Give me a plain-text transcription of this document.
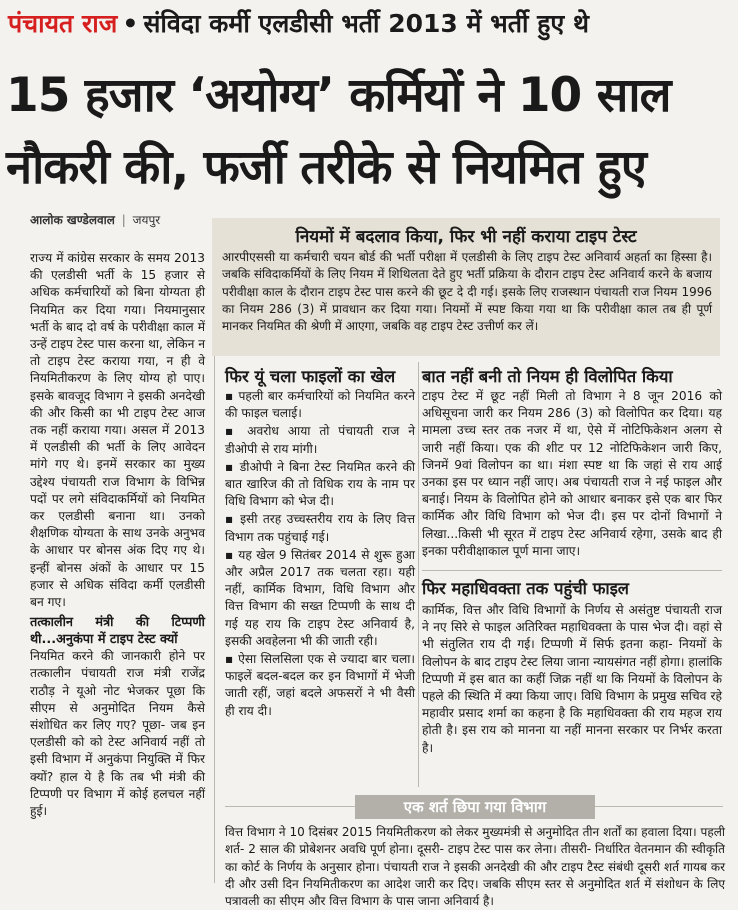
पंचायत राज • संविदा कर्मी एलडीसी भर्ती 2013 में भर्ती हुए थे
15 हजार ‘अयोग्य’ कर्मियों ने 10 साल
नौकरी की, फर्जी तरीके से नियमित हुए
आलोक खण्डेलवाल | जयपुर

राज्य में कांग्रेस सरकार के समय 2013 की एलडीसी भर्ती के 15 हजार से अधिक कर्मचारियों को बिना योग्यता ही नियमित कर दिया गया। नियमानुसार भर्ती के बाद दो वर्ष के परीवीक्षा काल में उन्हें टाइप टेस्ट पास करना था, लेकिन न तो टाइप टेस्ट कराया गया, न ही वे नियमितीकरण के लिए योग्य हो पाए। इसके बावजूद विभाग ने इसकी अनदेखी की और किसी का भी टाइप टेस्ट आज तक नहीं कराया गया। असल में 2013 में एलडीसी की भर्ती के लिए आवेदन मांगे गए थे। इनमें सरकार का मुख्य उद्देश्य पंचायती राज विभाग के विभिन्न पदों पर लगे संविदाकर्मियों को नियमित कर एलडीसी बनाना था। उनको शैक्षणिक योग्यता के साथ उनके अनुभव के आधार पर बोनस अंक दिए गए थे। इन्हीं बोनस अंकों के आधार पर 15 हजार से अधिक संविदा कर्मी एलडीसी बन गए।

तत्कालीन मंत्री की टिप्पणी थी...अनुकंपा में टाइप टेस्ट क्यों

नियमित करने की जानकारी होने पर तत्कालीन पंचायती राज मंत्री राजेंद्र राठौड़ ने यूओ नोट भेजकर पूछा कि सीएम से अनुमोदित नियम कैसे संशोधित कर लिए गए? पूछा- जब इन एलडीसी को को टेस्ट अनिवार्य नहीं तो इसी विभाग में अनुकंपा नियुक्ति में फिर क्यों? हाल ये है कि तब भी मंत्री की टिप्पणी पर विभाग में कोई हलचल नहीं हुई।

नियमों में बदलाव किया, फिर भी नहीं कराया टाइप टेस्ट
आरपीएससी या कर्मचारी चयन बोर्ड की भर्ती परीक्षा में एलडीसी के लिए टाइप टेस्ट अनिवार्य अहर्ता का हिस्सा है। जबकि संविदाकर्मियों के लिए नियम में शिथिलता देते हुए भर्ती प्रक्रिया के दौरान टाइप टेस्ट अनिवार्य करने के बजाय परीवीक्षा काल के दौरान टाइप टेस्ट पास करने की छूट दे दी गई। इसके लिए राजस्थान पंचायती राज नियम 1996 का नियम 286 (3) में प्रावधान कर दिया गया। नियमों में स्पष्ट किया गया था कि परीवीक्षा काल तब ही पूर्ण मानकर नियमित की श्रेणी में आएगा, जबकि वह टाइप टेस्ट उत्तीर्ण कर लें।
फिर यूं चला फाइलों का खेल

▪ पहली बार कर्मचारियों को नियमित करने की फाइल चलाई।

▪ अवरोध आया तो पंचायती राज ने डीओपी से राय मांगी।

▪ डीओपी ने बिना टेस्ट नियमित करने की बात खारिज की तो विधिक राय के नाम पर विधि विभाग को भेज दी।

▪ इसी तरह उच्चस्तरीय राय के लिए वित्त विभाग तक पहुंचाई गई।

▪ यह खेल 9 सितंबर 2014 से शुरू हुआ और अप्रैल 2017 तक चलता रहा। यही नहीं, कार्मिक विभाग, विधि विभाग और वित्त विभाग की सख्त टिप्पणी के साथ दी गई यह राय कि टाइप टेस्ट अनिवार्य है, इसकी अवहेलना भी की जाती रही।

▪ ऐसा सिलसिला एक से ज्यादा बार चला। फाइलें बदल-बदल कर इन विभागों में भेजी जाती रहीं, जहां बदले अफसरों ने भी वैसी ही राय दी।

बात नहीं बनी तो नियम ही विलोपित किया
टाइप टेस्ट में छूट नहीं मिली तो विभाग ने 8 जून 2016 को अधिसूचना जारी कर नियम 286 (3) को विलोपित कर दिया। यह मामला उच्च स्तर तक नजर में था, ऐसे में नोटिफिकेशन अलग से जारी नहीं किया। एक की शीट पर 12 नोटिफिकेशन जारी किए, जिनमें 9वां विलोपन का था। मंशा स्पष्ट था कि जहां से राय आई उनका इस पर ध्यान नहीं जाए। अब पंचायती राज ने नई फाइल और बनाई। नियम के विलोपित होने को आधार बनाकर इसे एक बार फिर कार्मिक और विधि विभाग को भेज दी। इस पर दोनों विभागों ने लिखा...किसी भी सूरत में टाइप टेस्ट अनिवार्य रहेगा, उसके बाद ही इनका परीवीक्षाकाल पूर्ण माना जाए।
फिर महाधिवक्ता तक पहुंची फाइल
कार्मिक, वित्त और विधि विभागों के निर्णय से असंतुष्ट पंचायती राज ने नए सिरे से फाइल अतिरिक्त महाधिवक्ता के पास भेज दी। वहां से भी संतुलित राय दी गई। टिप्पणी में सिर्फ इतना कहा- नियमों के विलोपन के बाद टाइप टेस्ट लिया जाना न्यायसंगत नहीं होगा। हालांकि टिप्पणी में इस बात का कहीं जिक्र नहीं था कि नियमों के विलोपन के पहले की स्थिति में क्या किया जाए। विधि विभाग के प्रमुख सचिव रहे महावीर प्रसाद शर्मा का कहना है कि महाधिवक्ता की राय महज राय होती है। इस राय को मानना या नहीं मानना सरकार पर निर्भर करता है।
एक शर्त छिपा गया विभाग
वित्त विभाग ने 10 दिसंबर 2015 नियमितीकरण को लेकर मुख्यमंत्री से अनुमोदित तीन शर्तों का हवाला दिया। पहली शर्त- 2 साल की प्रोबेशनर अवधि पूर्ण होना। दूसरी- टाइप टेस्ट पास कर लेना। तीसरी- निर्धारित वेतनमान की स्वीकृति का कोर्ट के निर्णय के अनुसार होना। पंचायती राज ने इसकी अनदेखी की और टाइप टैस्ट संबंधी दूसरी शर्त गायब कर दी और उसी दिन नियमितीकरण का आदेश जारी कर दिए। जबकि सीएम स्तर से अनुमोदित शर्त में संशोधन के लिए पत्रावली का सीएम और वित्त विभाग के पास जाना अनिवार्य है।
